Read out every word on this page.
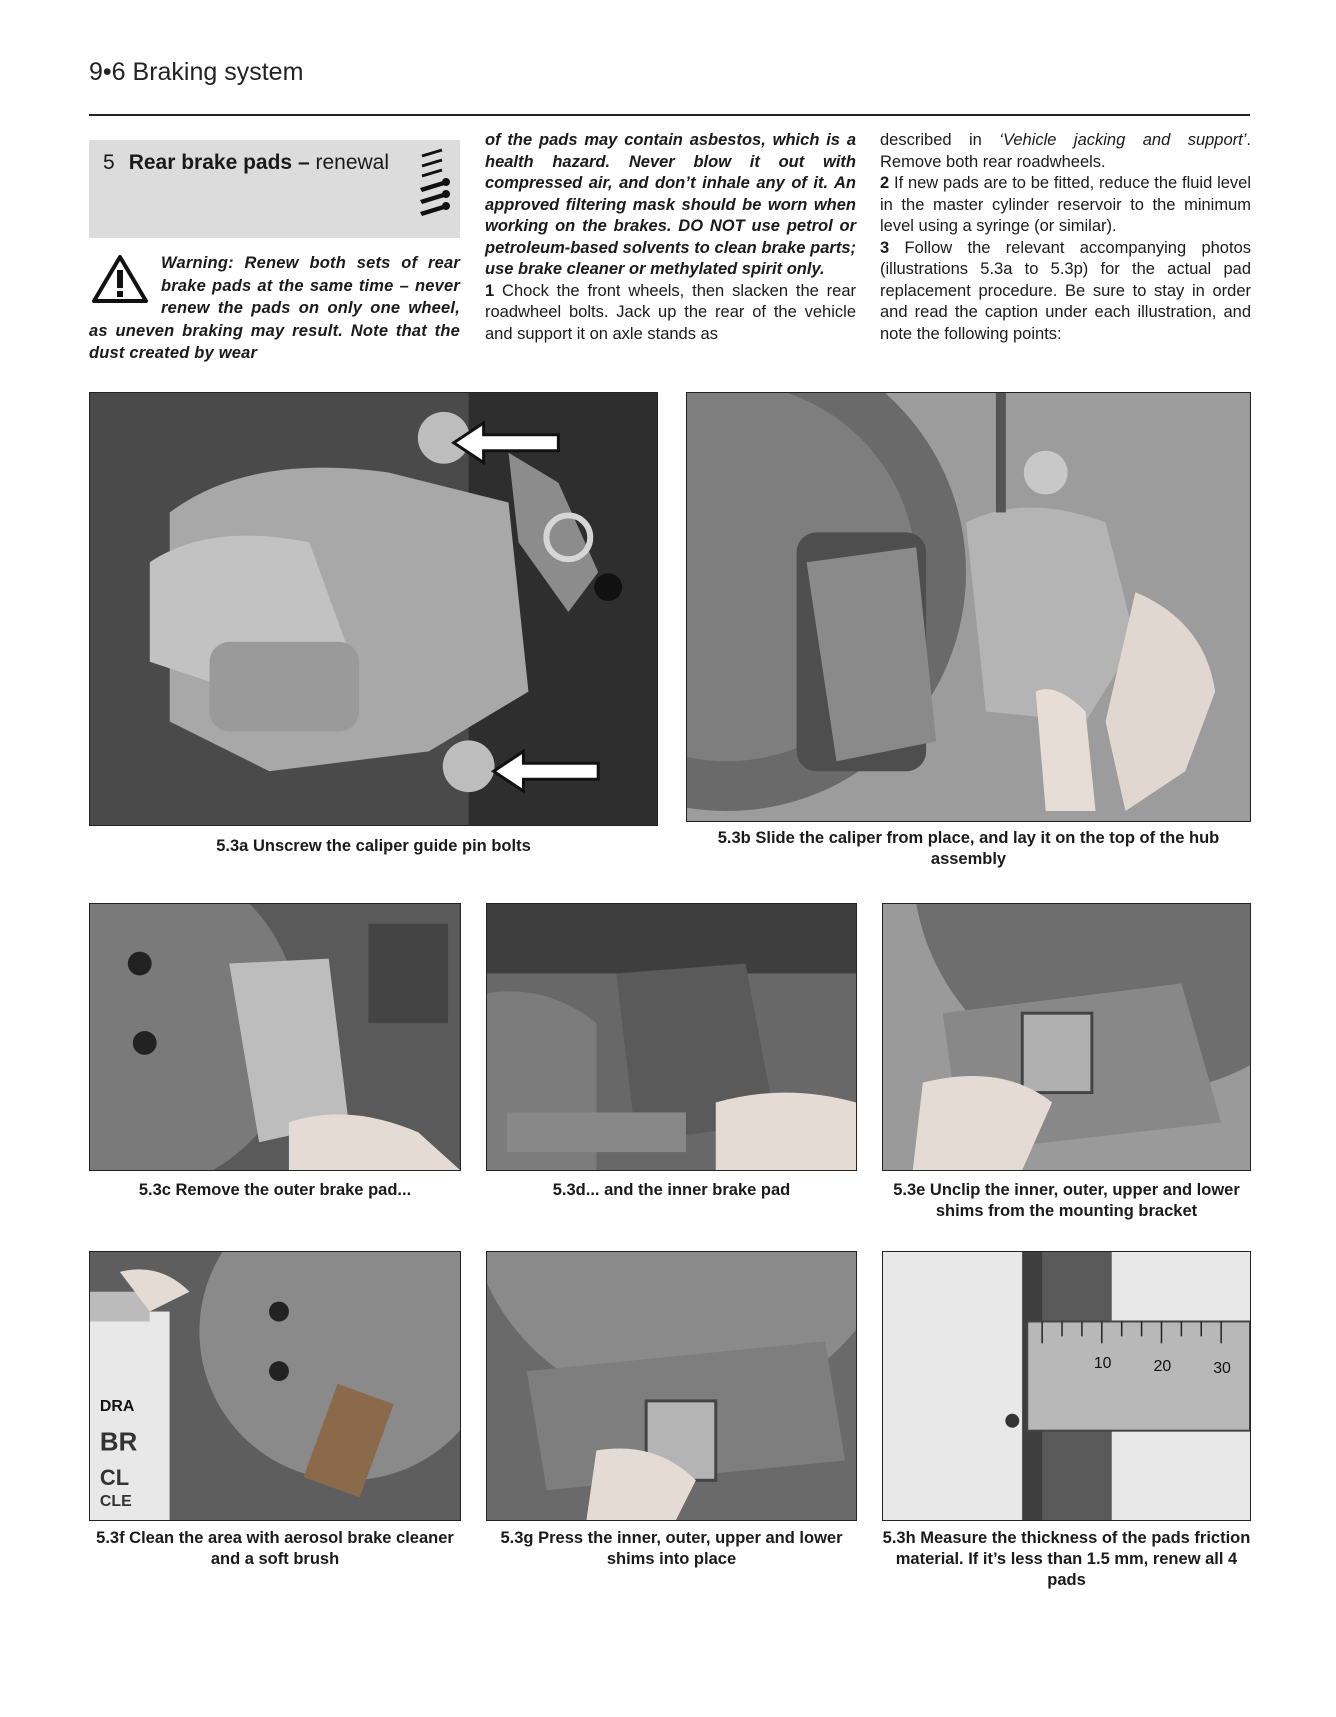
9•6 Braking system
5 Rear brake pads – renewal
Warning: Renew both sets of rear brake pads at the same time – never renew the pads on only one wheel, as uneven braking may result. Note that the dust created by wear

of the pads may contain asbestos, which is a health hazard. Never blow it out with compressed air, and don’t inhale any of it. An approved filtering mask should be worn when working on the brakes. DO NOT use petrol or petroleum-based solvents to clean brake parts; use brake cleaner or methylated spirit only.

1 Chock the front wheels, then slacken the rear roadwheel bolts. Jack up the rear of the vehicle and support it on axle stands as

described in ‘Vehicle jacking and support’. Remove both rear roadwheels.

2 If new pads are to be fitted, reduce the fluid level in the master cylinder reservoir to the minimum level using a syringe (or similar).

3 Follow the relevant accompanying photos (illustrations 5.3a to 5.3p) for the actual pad replacement procedure. Be sure to stay in order and read the caption under each illustration, and note the following points:

5.3a Unscrew the caliper guide pin bolts	5.3b Slide the caliper from place, and lay it on the top of the hub assembly
5.3c Remove the outer brake pad...	5.3d... and the inner brake pad	5.3e Unclip the inner, outer, upper and lower shims from the mounting bracket
DRA
BR
CL
CLE
5.3f Clean the area with aerosol brake cleaner and a soft brush
5.3g Press the inner, outer, upper and lower shims into place
10	20	30
5.3h Measure the thickness of the pads friction material. If it’s less than 1.5 mm, renew all 4 pads
